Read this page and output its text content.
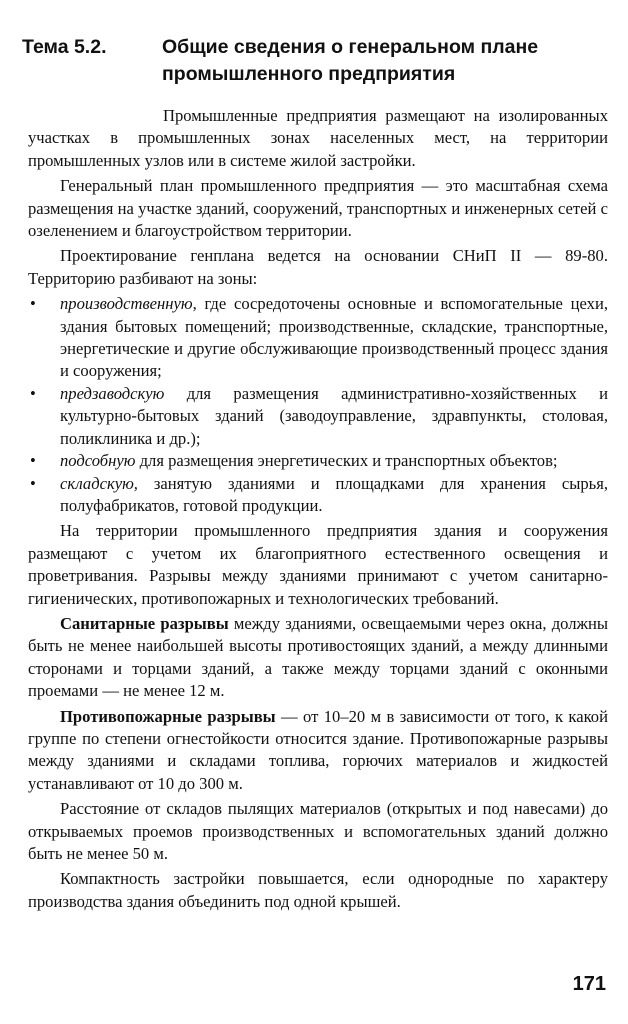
Тема 5.2.	Общие сведения о генеральном плане промышленного предприятия

Промышленные предприятия размещают на изолированных участках в промышленных зонах населенных мест, на территории промышленных узлов или в системе жилой застройки.

Генеральный план промышленного предприятия — это масштабная схема размещения на участке зданий, сооружений, транспортных и инженерных сетей с озеленением и благоустройством территории.

Проектирование генплана ведется на основании СНиП II — 89-80. Территорию разбивают на зоны:

• производственную, где сосредоточены основные и вспомогательные цехи, здания бытовых помещений; производственные, складские, транспортные, энергетические и другие обслуживающие производственный процесс здания и сооружения;
• предзаводскую для размещения административно-хозяйственных и культурно-бытовых зданий (заводоуправление, здравпункты, столовая, поликлиника и др.);
• подсобную для размещения энергетических и транспортных объектов;
• складскую, занятую зданиями и площадками для хранения сырья, полуфабрикатов, готовой продукции.

На территории промышленного предприятия здания и сооружения размещают с учетом их благоприятного естественного освещения и проветривания. Разрывы между зданиями принимают с учетом санитарно-гигиенических, противопожарных и технологических требований.

Санитарные разрывы между зданиями, освещаемыми через окна, должны быть не менее наибольшей высоты противостоящих зданий, а между длинными сторонами и торцами зданий, а также между торцами зданий с оконными проемами — не менее 12 м.

Противопожарные разрывы — от 10–20 м в зависимости от того, к какой группе по степени огнестойкости относится здание. Противопожарные разрывы между зданиями и складами топлива, горючих материалов и жидкостей устанавливают от 10 до 300 м.

Расстояние от складов пылящих материалов (открытых и под навесами) до открываемых проемов производственных и вспомогательных зданий должно быть не менее 50 м.

Компактность застройки повышается, если однородные по характеру производства здания объединить под одной крышей.

171
